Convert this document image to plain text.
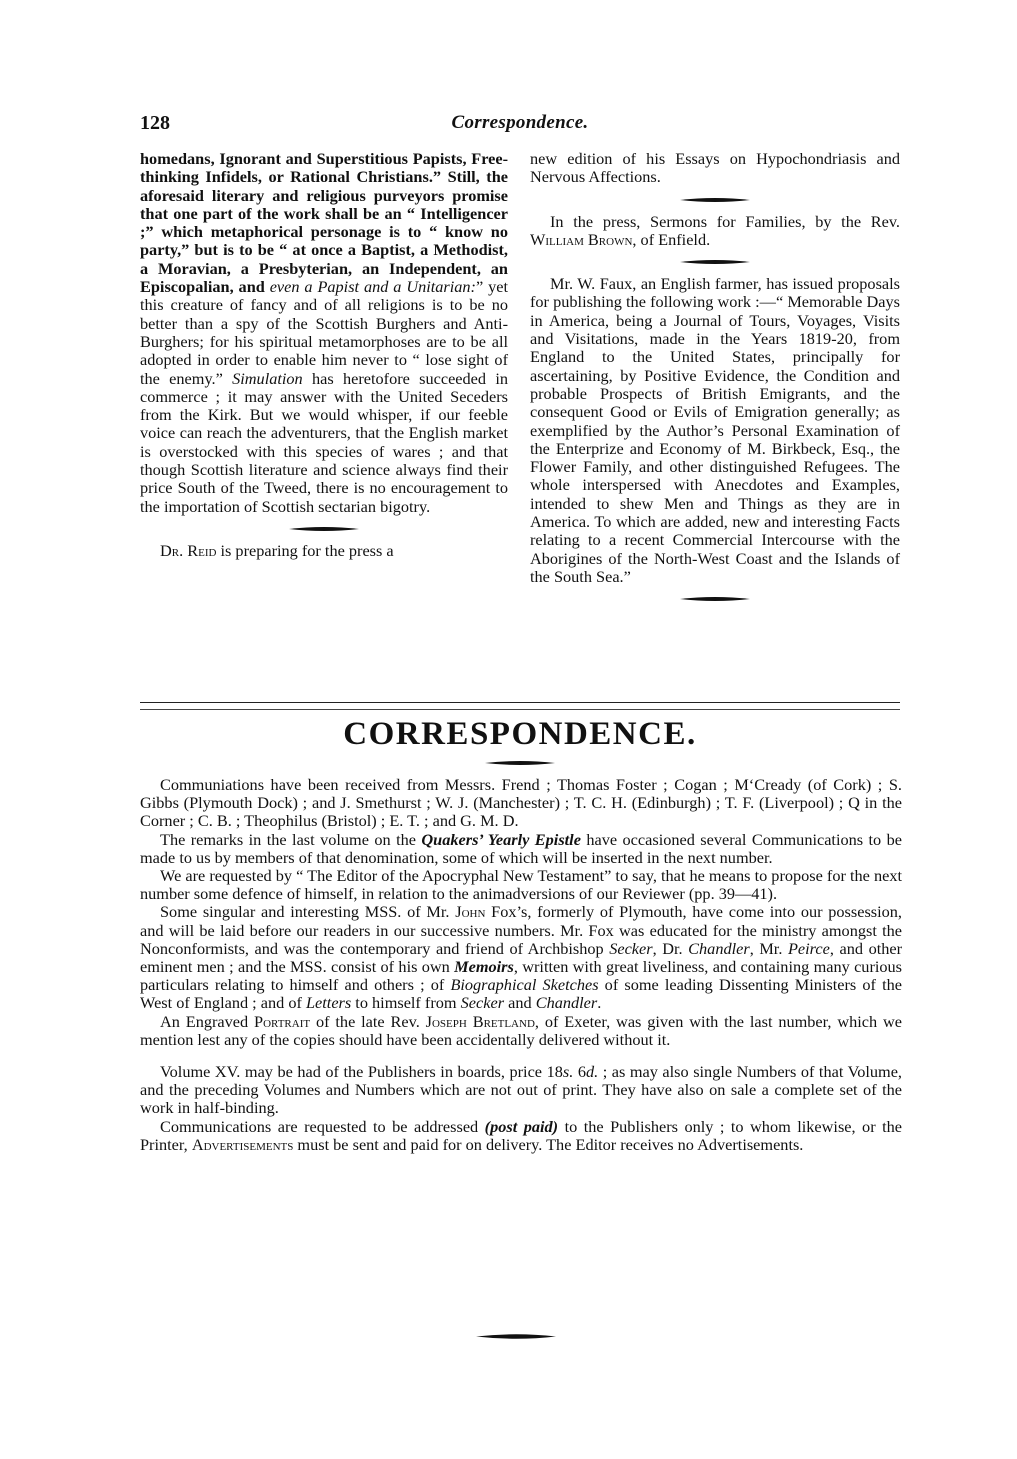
128	Correspondence.

homedans, Ignorant and Superstitious Papists, Free-thinking Infidels, or Rational Christians.” Still, the aforesaid literary and religious purveyors promise that one part of the work shall be an “ Intelligencer ;” which metaphorical personage is to “ know no party,” but is to be “ at once a Baptist, a Methodist, a Moravian, a Presbyterian, an Independent, an Episcopalian, and even a Papist and a Unitarian:” yet this creature of fancy and of all religions is to be no better than a spy of the Scottish Burghers and Anti-Burghers; for his spiritual metamorphoses are to be all adopted in order to enable him never to “ lose sight of the enemy.” Simulation has heretofore succeeded in commerce ; it may answer with the United Seceders from the Kirk. But we would whisper, if our feeble voice can reach the adventurers, that the English market is overstocked with this species of wares ; and that though Scottish literature and science always find their price South of the Tweed, there is no encouragement to the importation of Scottish sectarian bigotry.

Dr. Reid is preparing for the press a

new edition of his Essays on Hypochondriasis and Nervous Affections.

In the press, Sermons for Families, by the Rev. William Brown, of Enfield.

Mr. W. Faux, an English farmer, has issued proposals for publishing the following work :—“ Memorable Days in America, being a Journal of Tours, Voyages, Visits and Visitations, made in the Years 1819-20, from England to the United States, principally for ascertaining, by Positive Evidence, the Condition and probable Prospects of British Emigrants, and the consequent Good or Evils of Emigration generally; as exemplified by the Author’s Personal Examination of the Enterprize and Economy of M. Birkbeck, Esq., the Flower Family, and other distinguished Refugees. The whole interspersed with Anecdotes and Examples, intended to shew Men and Things as they are in America. To which are added, new and interesting Facts relating to a recent Commercial Intercourse with the Aborigines of the North-West Coast and the Islands of the South Sea.”

CORRESPONDENCE.

Communiations have been received from Messrs. Frend ; Thomas Foster ; Cogan ; M‘Cready (of Cork) ; S. Gibbs (Plymouth Dock) ; and J. Smethurst ; W. J. (Manchester) ; T. C. H. (Edinburgh) ; T. F. (Liverpool) ; Q in the Corner ; C. B. ; Theophilus (Bristol) ; E. T. ; and G. M. D.

The remarks in the last volume on the Quakers’ Yearly Epistle have occasioned several Communications to be made to us by members of that denomination, some of which will be inserted in the next number.

We are requested by “ The Editor of the Apocryphal New Testament” to say, that he means to propose for the next number some defence of himself, in relation to the animadversions of our Reviewer (pp. 39—41).

Some singular and interesting MSS. of Mr. John Fox’s, formerly of Plymouth, have come into our possession, and will be laid before our readers in our successive numbers. Mr. Fox was educated for the ministry amongst the Nonconformists, and was the contemporary and friend of Archbishop Secker, Dr. Chandler, Mr. Peirce, and other eminent men ; and the MSS. consist of his own Memoirs, written with great liveliness, and containing many curious particulars relating to himself and others ; of Biographical Sketches of some leading Dissenting Ministers of the West of England ; and of Letters to himself from Secker and Chandler.

An Engraved Portrait of the late Rev. Joseph Bretland, of Exeter, was given with the last number, which we mention lest any of the copies should have been accidentally delivered without it.

Volume XV. may be had of the Publishers in boards, price 18s. 6d. ; as may also single Numbers of that Volume, and the preceding Volumes and Numbers which are not out of print. They have also on sale a complete set of the work in half-binding.

Communications are requested to be addressed (post paid) to the Publishers only ; to whom likewise, or the Printer, Advertisements must be sent and paid for on delivery. The Editor receives no Advertisements.
